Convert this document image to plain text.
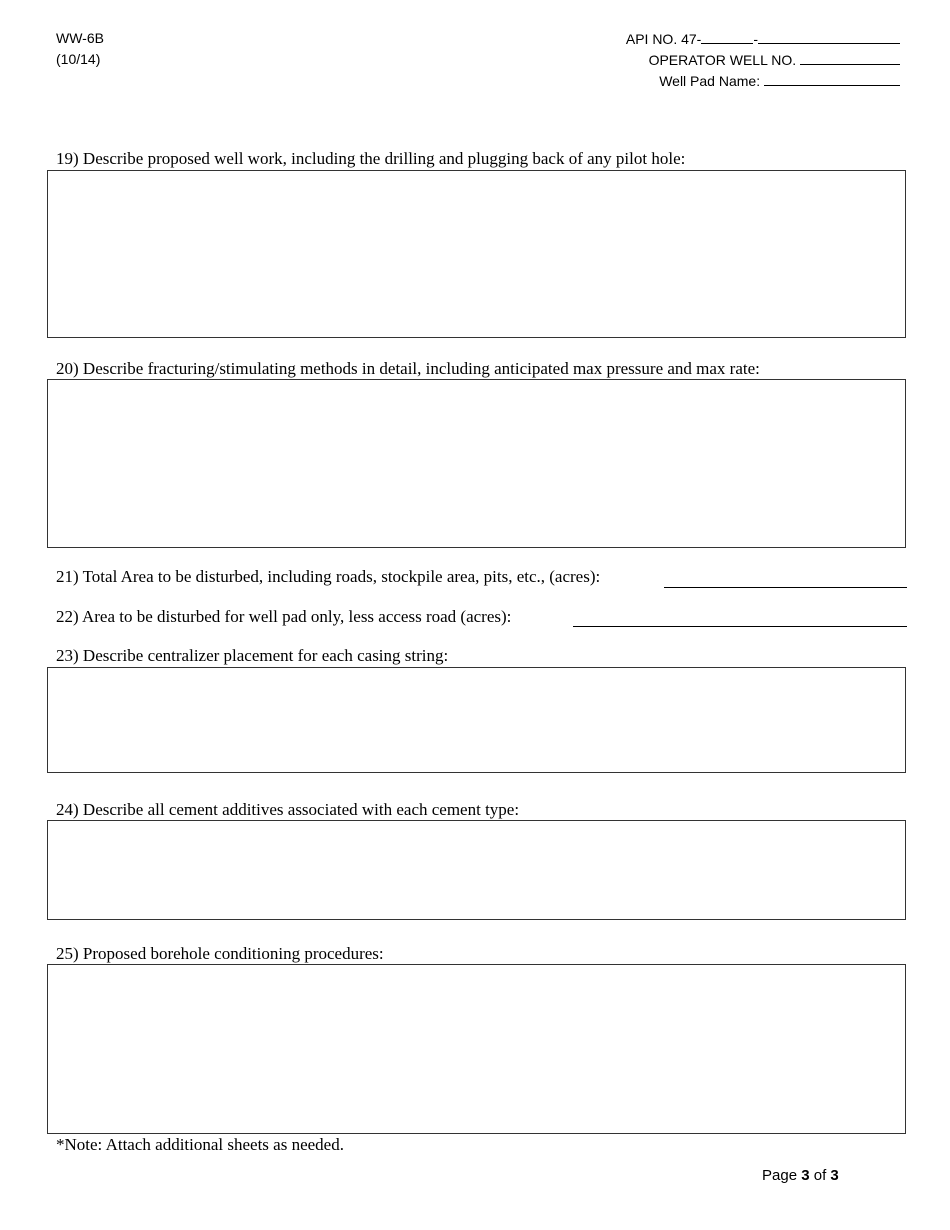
WW-6B
(10/14)
API NO. 47-	-
OPERATOR WELL NO.
Well Pad Name:
19) Describe proposed well work, including the drilling and plugging back of any pilot hole:
20) Describe fracturing/stimulating methods in detail, including anticipated max pressure and max rate:
21) Total Area to be disturbed, including roads, stockpile area, pits, etc., (acres):
22) Area to be disturbed for well pad only, less access road (acres):
23) Describe centralizer placement for each casing string:
24) Describe all cement additives associated with each cement type:
25) Proposed borehole conditioning procedures:
*Note: Attach additional sheets as needed.
Page 3 of 3
